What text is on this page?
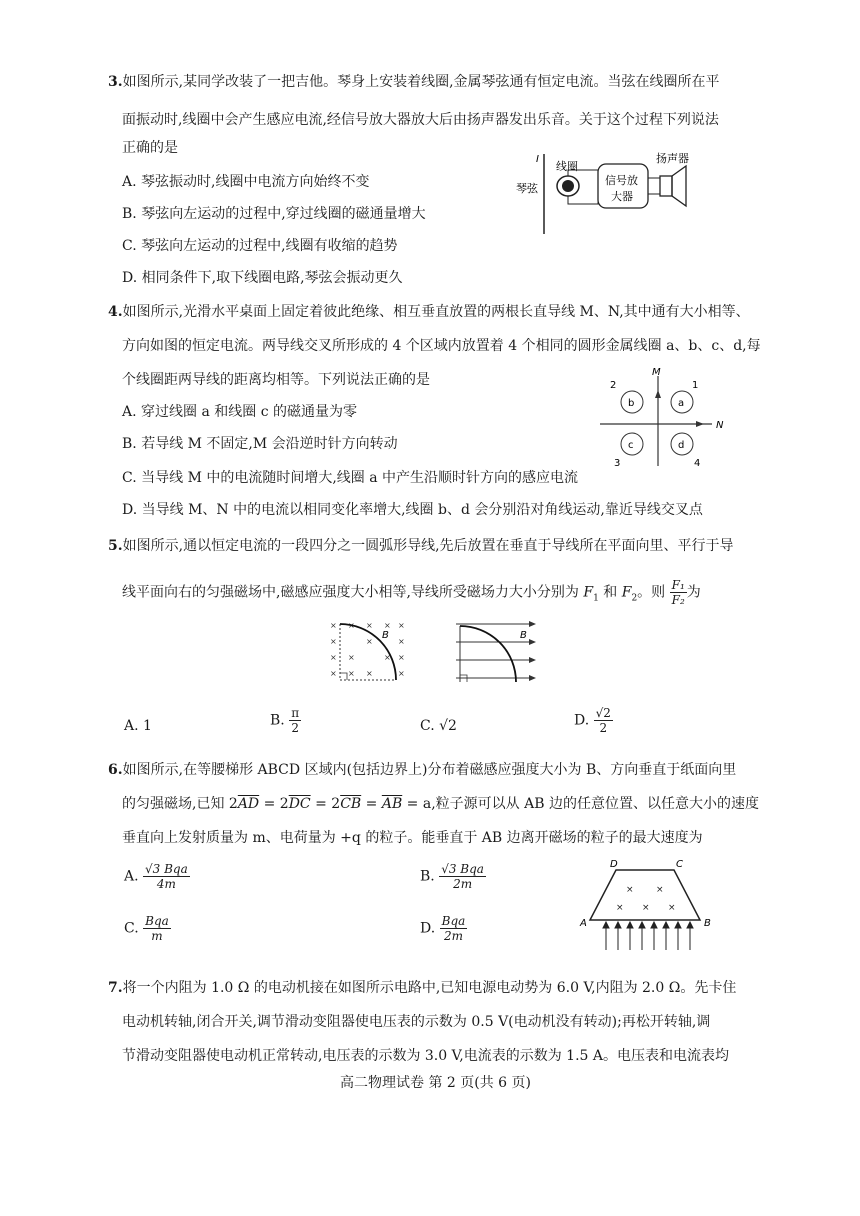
3.如图所示,某同学改装了一把吉他。琴身上安装着线圈,金属琴弦通有恒定电流。当弦在线圈所在平
面振动时,线圈中会产生感应电流,经信号放大器放大后由扬声器发出乐音。关于这个过程下列说法
正确的是
A. 琴弦振动时,线圈中电流方向始终不变
B. 琴弦向左运动的过程中,穿过线圈的磁通量增大
C. 琴弦向左运动的过程中,线圈有收缩的趋势
D. 相同条件下,取下线圈电路,琴弦会振动更久
I
琴弦
线圈
信号放
大器
扬声器
4.如图所示,光滑水平桌面上固定着彼此绝缘、相互垂直放置的两根长直导线 M、N,其中通有大小相等、
方向如图的恒定电流。两导线交叉所形成的 4 个区域内放置着 4 个相同的圆形金属线圈 a、b、c、d,每
个线圈距两导线的距离均相等。下列说法正确的是
A. 穿过线圈 a 和线圈 c 的磁通量为零
B. 若导线 M 不固定,M 会沿逆时针方向转动
C. 当导线 M 中的电流随时间增大,线圈 a 中产生沿顺时针方向的感应电流
D. 当导线 M、N 中的电流以相同变化率增大,线圈 b、d 会分别沿对角线运动,靠近导线交叉点
M
N
b	a
c	d
2	1
3	4
5.如图所示,通以恒定电流的一段四分之一圆弧形导线,先后放置在垂直于导线所在平面向里、平行于导
线平面向右的匀强磁场中,磁感应强度大小相等,导线所受磁场力大小分别为 $F_1$ 和 $F_2$。则 $\frac{\text{F₁}}{\text{F₂}}$ 为
× × × × ×
×	×	×
× ×	× ×
× × ×	×
B	B
A. 1	B. $\frac{\pi}{2}$	C. √2	D. $\frac{√2}{2}$
6.如图所示,在等腰梯形 ABCD 区域内(包括边界上)分布着磁感应强度大小为 B、方向垂直于纸面向里
的匀强磁场,已知 $2\overline{AD} = 2\overline{DC} = 2\overline{CB} = \overline{AB} = a$,粒子源可以从 AB 边的任意位置、以任意大小的速度
垂直向上发射质量为 m、电荷量为 +q 的粒子。能垂直于 AB 边离开磁场的粒子的最大速度为
A. $\frac{\text{√3 Bqa}}{4m}$	B. $\frac{\text{√3 Bqa}}{2m}$
C. $\frac{\text{Bqa}}{m}$	D. $\frac{\text{Bqa}}{2m}$
D	C
A	B
× ×
× × ×
7.将一个内阻为 1.0 Ω 的电动机接在如图所示电路中,已知电源电动势为 6.0 V,内阻为 2.0 Ω。先卡住
电动机转轴,闭合开关,调节滑动变阻器使电压表的示数为 0.5 V(电动机没有转动);再松开转轴,调
节滑动变阻器使电动机正常转动,电压表的示数为 3.0 V,电流表的示数为 1.5 A。电压表和电流表均
高二物理试卷 第 2 页(共 6 页)
